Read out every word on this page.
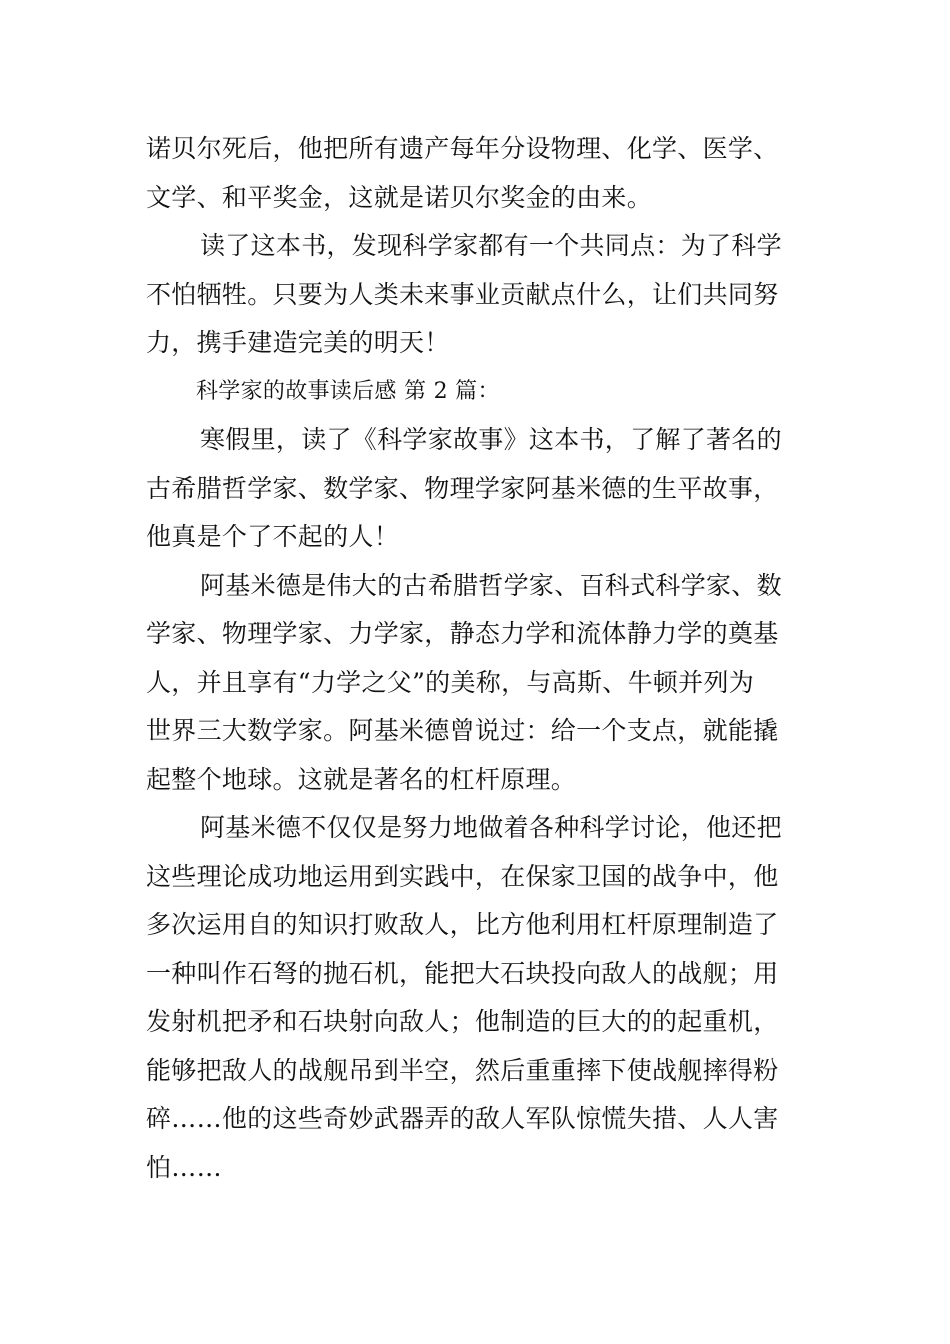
诺贝尔死后，他把所有遗产每年分设物理、化学、医学、
文学、和平奖金，这就是诺贝尔奖金的由来。
读了这本书，发现科学家都有一个共同点：为了科学
不怕牺牲。只要为人类未来事业贡献点什么，让们共同努
力，携手建造完美的明天！
科学家的故事读后感 第 2 篇：
寒假里，读了《科学家故事》这本书，了解了著名的
古希腊哲学家、数学家、物理学家阿基米德的生平故事，
他真是个了不起的人！
阿基米德是伟大的古希腊哲学家、百科式科学家、数
学家、物理学家、力学家，静态力学和流体静力学的奠基
人，并且享有“力学之父”的美称，与高斯、牛顿并列为
世界三大数学家。阿基米德曾说过：给一个支点，就能撬
起整个地球。这就是著名的杠杆原理。
阿基米德不仅仅是努力地做着各种科学讨论，他还把
这些理论成功地运用到实践中，在保家卫国的战争中，他
多次运用自的知识打败敌人，比方他利用杠杆原理制造了
一种叫作石弩的抛石机，能把大石块投向敌人的战舰；用
发射机把矛和石块射向敌人；他制造的巨大的的起重机，
能够把敌人的战舰吊到半空，然后重重摔下使战舰摔得粉
碎……他的这些奇妙武器弄的敌人军队惊慌失措、人人害
怕……
